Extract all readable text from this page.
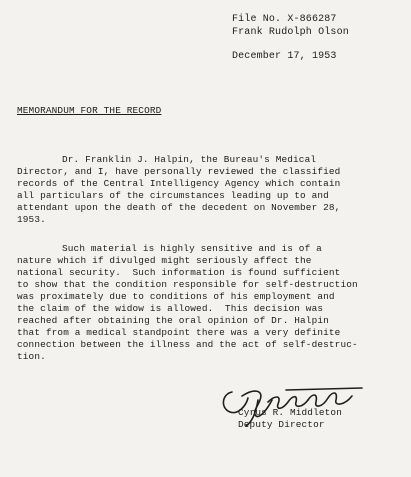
File No. X-866287
Frank Rudolph Olson
December 17, 1953
MEMORANDUM FOR THE RECORD
Dr. Franklin J. Halpin, the Bureau's Medical
Director, and I, have personally reviewed the classified
records of the Central Intelligency Agency which contain
all particulars of the circumstances leading up to and
attendant upon the death of the decedent on November 28,
1953.
Such material is highly sensitive and is of a
nature which if divulged might seriously affect the
national security.  Such information is found sufficient
to show that the condition responsible for self-destruction
was proximately due to conditions of his employment and
the claim of the widow is allowed.  This decision was
reached after obtaining the oral opinion of Dr. Halpin
that from a medical standpoint there was a very definite
connection between the illness and the act of self-destruc-
tion.
Cyrus R. Middleton
Deputy Director
